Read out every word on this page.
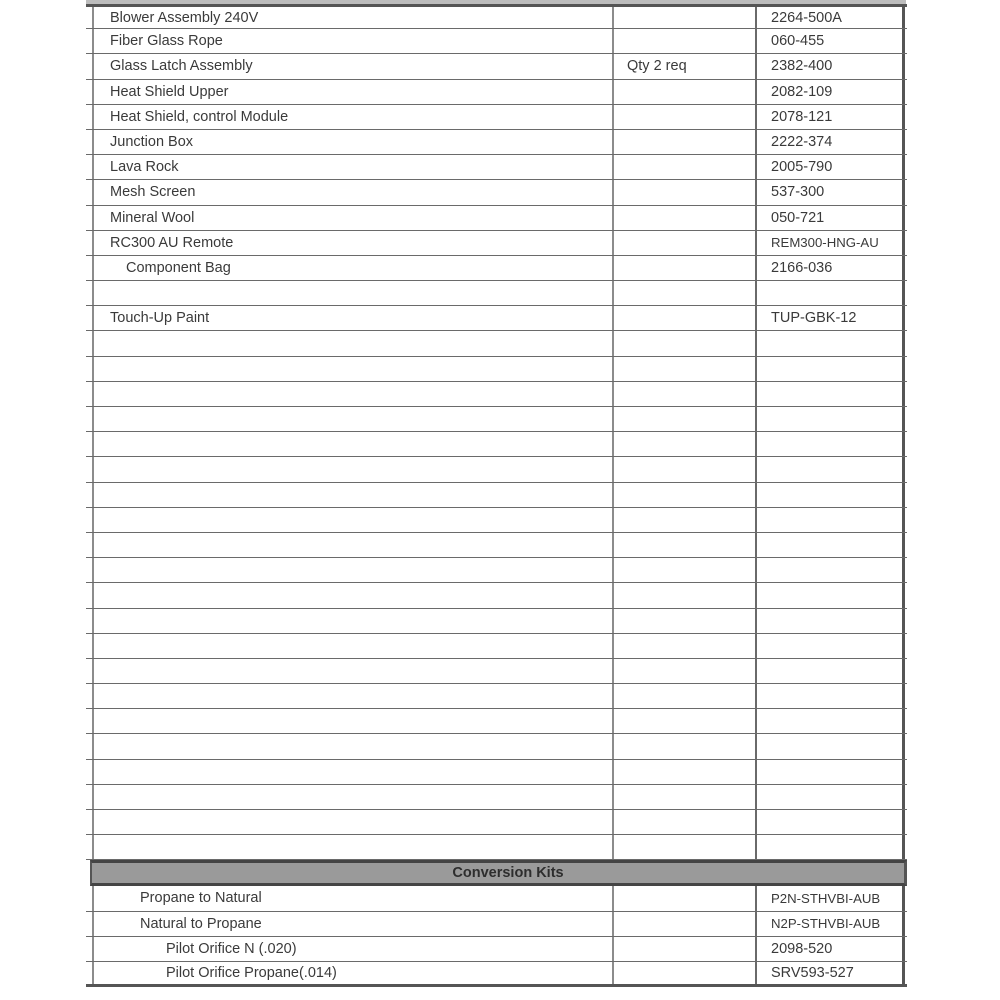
Blower Assembly 240V	2264-500A
Fiber Glass Rope	060-455
Glass Latch Assembly	Qty 2 req	2382-400
Heat Shield Upper	2082-109
Heat Shield, control Module	2078-121
Junction Box	2222-374
Lava Rock	2005-790
Mesh Screen	537-300
Mineral Wool	050-721
RC300 AU Remote	REM300-HNG-AU
Component Bag	2166-036
Touch-Up Paint	TUP-GBK-12
Conversion Kits
Propane to Natural	P2N-STHVBI-AUB
Natural to Propane	N2P-STHVBI-AUB
Pilot Orifice N (.020)	2098-520
Pilot Orifice Propane(.014)	SRV593-527
